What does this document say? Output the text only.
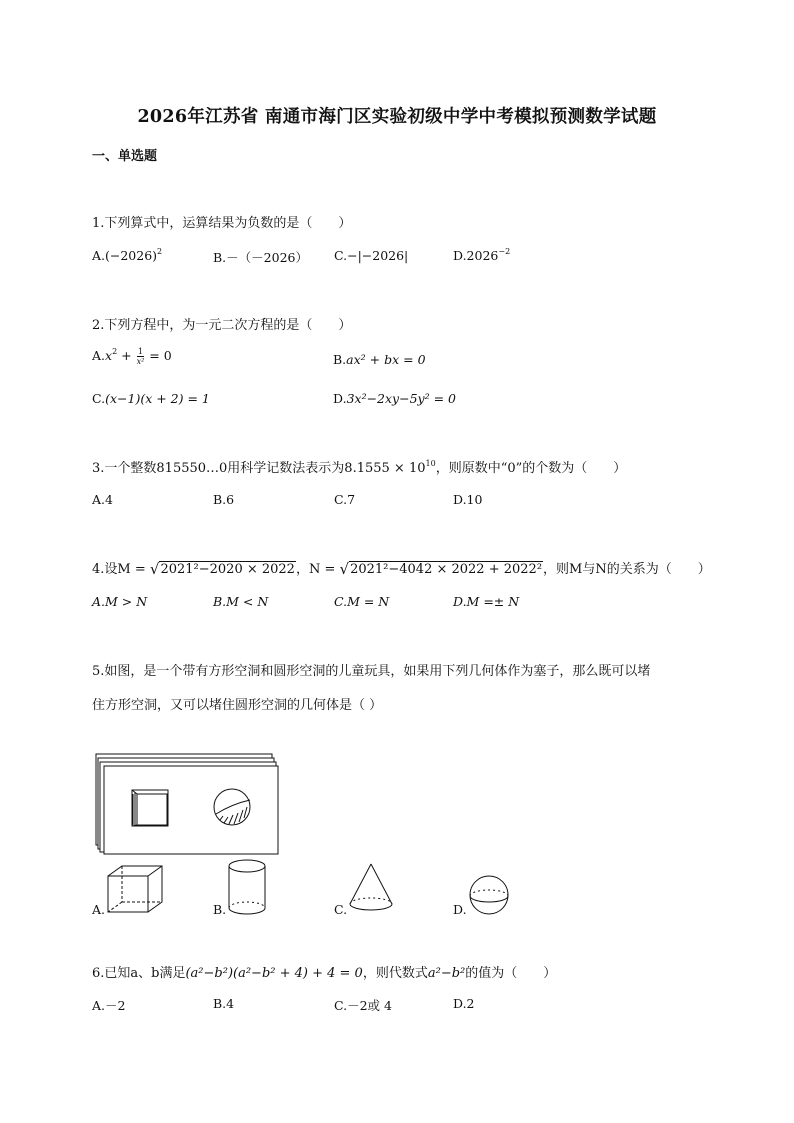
2026年江苏省 南通市海门区实验初级中学中考模拟预测数学试题
一、单选题
1.下列算式中，运算结果为负数的是（　　）
$A.(-2026)^2$	B.－（－2026） C.−|−2026|	$D.2026^{-2}$
2.下列方程中，为一元二次方程的是（　　）
$A.x^2 + \frac{1}{\text{x²}} = 0$	B.ax² + bx = 0
C.(x−1)(x + 2) = 1	D.3x²−2xy−5y² = 0
3.一个整数815550…0用科学记数法表示为$8.1555 \times 10^{10}$，则原数中“0”的个数为（　　）
A.4	B.6	C.7	D.10
4.设M = √2021²−2020 × 2022，N = √2021²−4042 × 2022 + 2022²，则M与N的关系为（　　）
A.M > N	B.M < N	C.M = N	D.M =± N
5.如图，是一个带有方形空洞和圆形空洞的儿童玩具，如果用下列几何体作为塞子，那么既可以堵
住方形空洞，又可以堵住圆形空洞的几何体是（ ）
A.	B.	C.	D.
6.已知a、b满足(a²−b²)(a²−b² + 4) + 4 = 0，则代数式a²−b²的值为（　　）
A.－2	B.4	C.－2或 4	D.2
